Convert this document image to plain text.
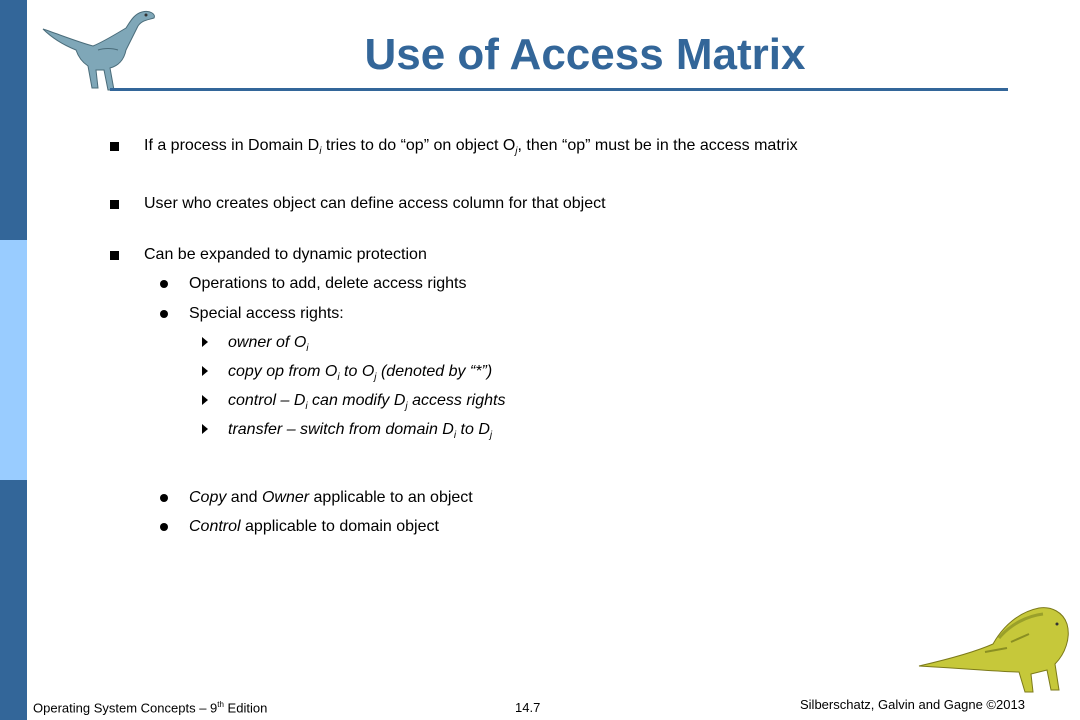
Use of Access Matrix
If a process in Domain $D_i$ tries to do “op” on object $O_j$, then “op” must be in the access matrix
User who creates object can define access column for that object
Can be expanded to dynamic protection
Operations to add, delete access rights
Special access rights:
owner of $O_i$
copy op from $O_i$ to $O_j$ (denoted by “*”)
control – $D_i$ can modify $D_j$ access rights
transfer – switch from domain $D_i$ to $D_j$
Copy and Owner applicable to an object
Control applicable to domain object
Operating System Concepts – 9th Edition	14.7	Silberschatz, Galvin and Gagne ©2013
